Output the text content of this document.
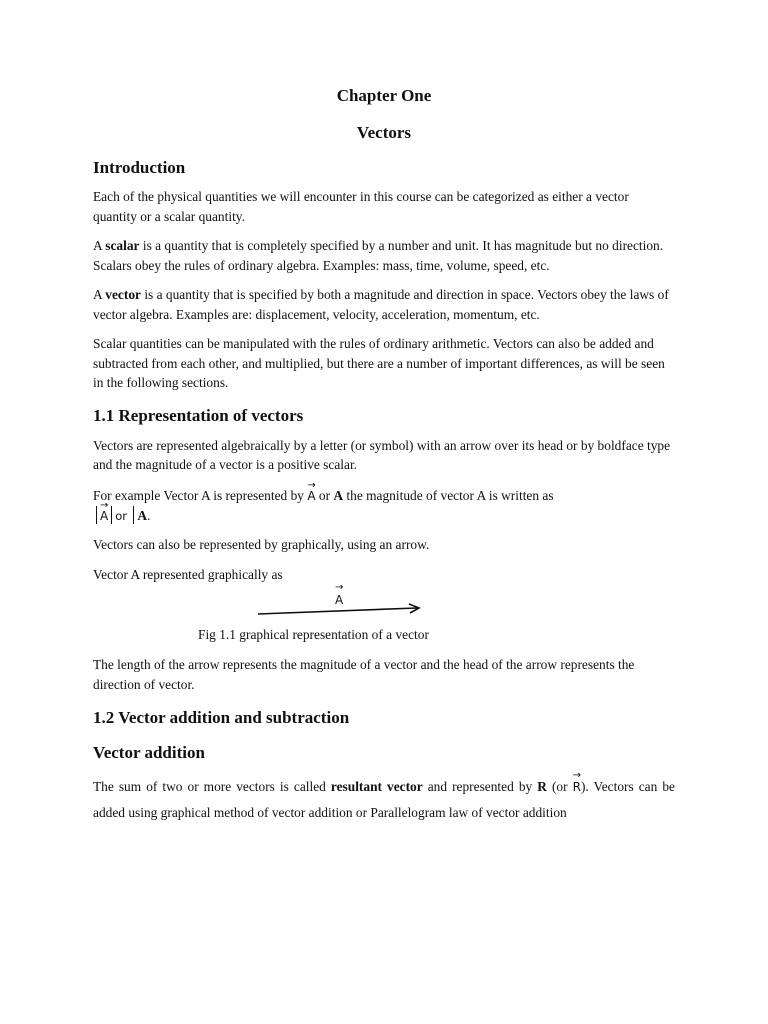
Chapter One
Vectors
Introduction

Each of the physical quantities we will encounter in this course can be categorized as either a vector quantity or a scalar quantity.

A scalar is a quantity that is completely specified by a number and unit. It has magnitude but no direction. Scalars obey the rules of ordinary algebra. Examples: mass, time, volume, speed, etc.

A vector is a quantity that is specified by both a magnitude and direction in space. Vectors obey the laws of vector algebra. Examples are: displacement, velocity, acceleration, momentum, etc.

Scalar quantities can be manipulated with the rules of ordinary arithmetic. Vectors can also be added and subtracted from each other, and multiplied, but there are a number of important differences, as will be seen in the following sections.

1.1 Representation of vectors

Vectors are represented algebraically by a letter (or symbol) with an arrow over its head or by boldface type and the magnitude of a vector is a positive scalar.

For example Vector A is represented by → A or A the magnitude of vector A is written as
→ A or A.

Vectors can also be represented by graphically, using an arrow.

Vector A represented graphically as

→ A

Fig 1.1 graphical representation of a vector

The length of the arrow represents the magnitude of a vector and the head of the arrow represents the direction of vector.

1.2 Vector addition and subtraction
Vector addition

The sum of two or more vectors is called resultant vector and represented by R (or → R). Vectors can be added using graphical method of vector addition or Parallelogram law of vector addition
